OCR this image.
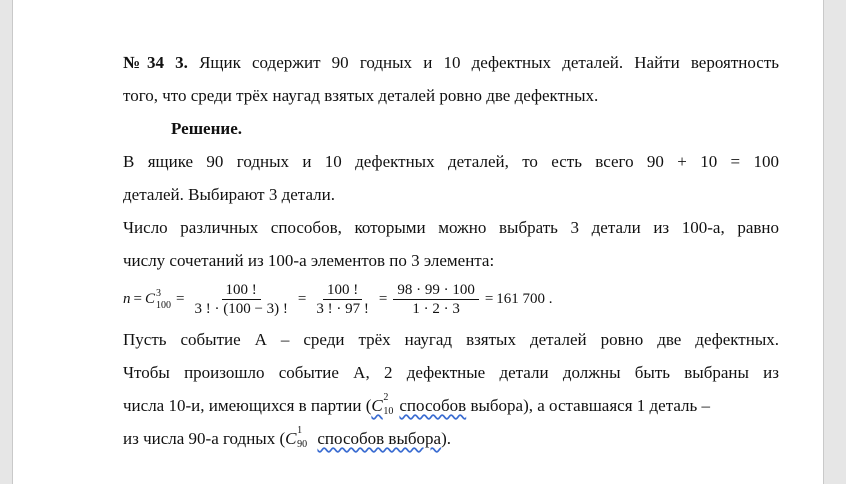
№34 3. Ящик содержит 90 годных и 10 дефектных деталей. Найти вероятность
того, что среди трёх наугад взятых деталей ровно две дефектных.
Решение.
В ящике 90 годных и 10 дефектных деталей, то есть всего 90 + 10 = 100
деталей. Выбирают 3 детали.
Число различных способов, которыми можно выбрать 3 детали из 100-а, равно
числу сочетаний из 100-а элементов по 3 элемента:
n = C 3
$100 = \frac{100 !}{3 ! \cdot (100 - 3) !} = \frac{100 !}{3 ! \cdot 97 !} = \frac{98 \cdot 99 \cdot 100}{1 \cdot 2 \cdot 3} = 161$ 700 .
Пусть событие А – среди трёх наугад взятых деталей ровно две дефектных.
Чтобы произошло событие А, 2 дефектные детали должны быть выбраны из
числа 10-и, имеющихся в партии (C 2
10 способов выбора), а оставшаяся 1 деталь –
из числа 90-а годных (C 1
90 способов выбора).
